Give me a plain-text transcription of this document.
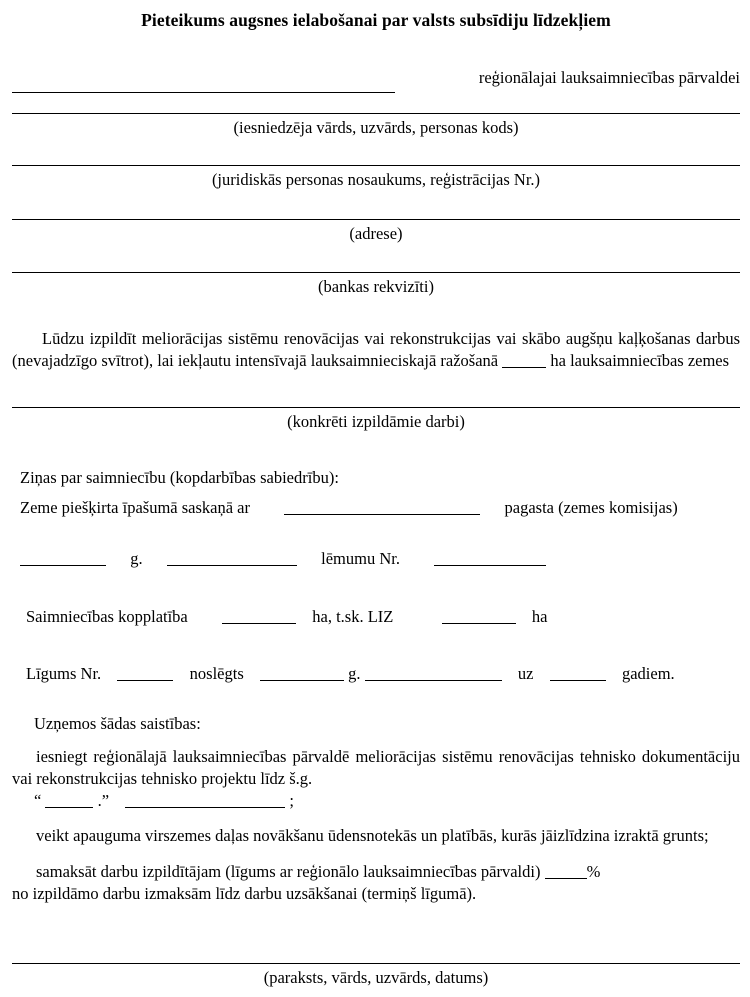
Pieteikums augsnes ielabošanai par valsts subsīdiju līdzekļiem
reģionālajai lauksaimniecības pārvaldei
(iesniedzēja vārds, uzvārds, personas kods)
(juridiskās personas nosaukums, reģistrācijas Nr.)
(adrese)
(bankas rekvizīti)
Lūdzu izpildīt meliorācijas sistēmu renovācijas vai rekonstrukcijas vai skābo augšņu kaļķošanas darbus (nevajadzīgo svītrot), lai iekļautu intensīvajā lauksaimnieciskajā ražošanā	ha lauksaimniecības zemes
(konkrēti izpildāmie darbi)
Ziņas par saimniecību (kopdarbības sabiedrību):
Zeme piešķirta īpašumā saskaņā ar	pagasta (zemes komisijas)
g.	lēmumu Nr.
Saimniecības kopplatība	ha, t.sk. LIZ	ha
Līgums Nr.	noslēgts	g.	uz	gadiem.
Uzņemos šādas saistības:
iesniegt reģionālajā lauksaimniecības pārvaldē meliorācijas sistēmu renovācijas tehnisko dokumentāciju vai rekonstrukcijas tehnisko projektu līdz š.g.
“	.”	;
veikt apauguma virszemes daļas novākšanu ūdensnotekās un platībās, kurās jāizlīdzina izraktā grunts;
samaksāt darbu izpildītājam (līgums ar reģionālo lauksaimniecības pārvaldi)	%
no izpildāmo darbu izmaksām līdz darbu uzsākšanai (termiņš līgumā).
(paraksts, vārds, uzvārds, datums)
